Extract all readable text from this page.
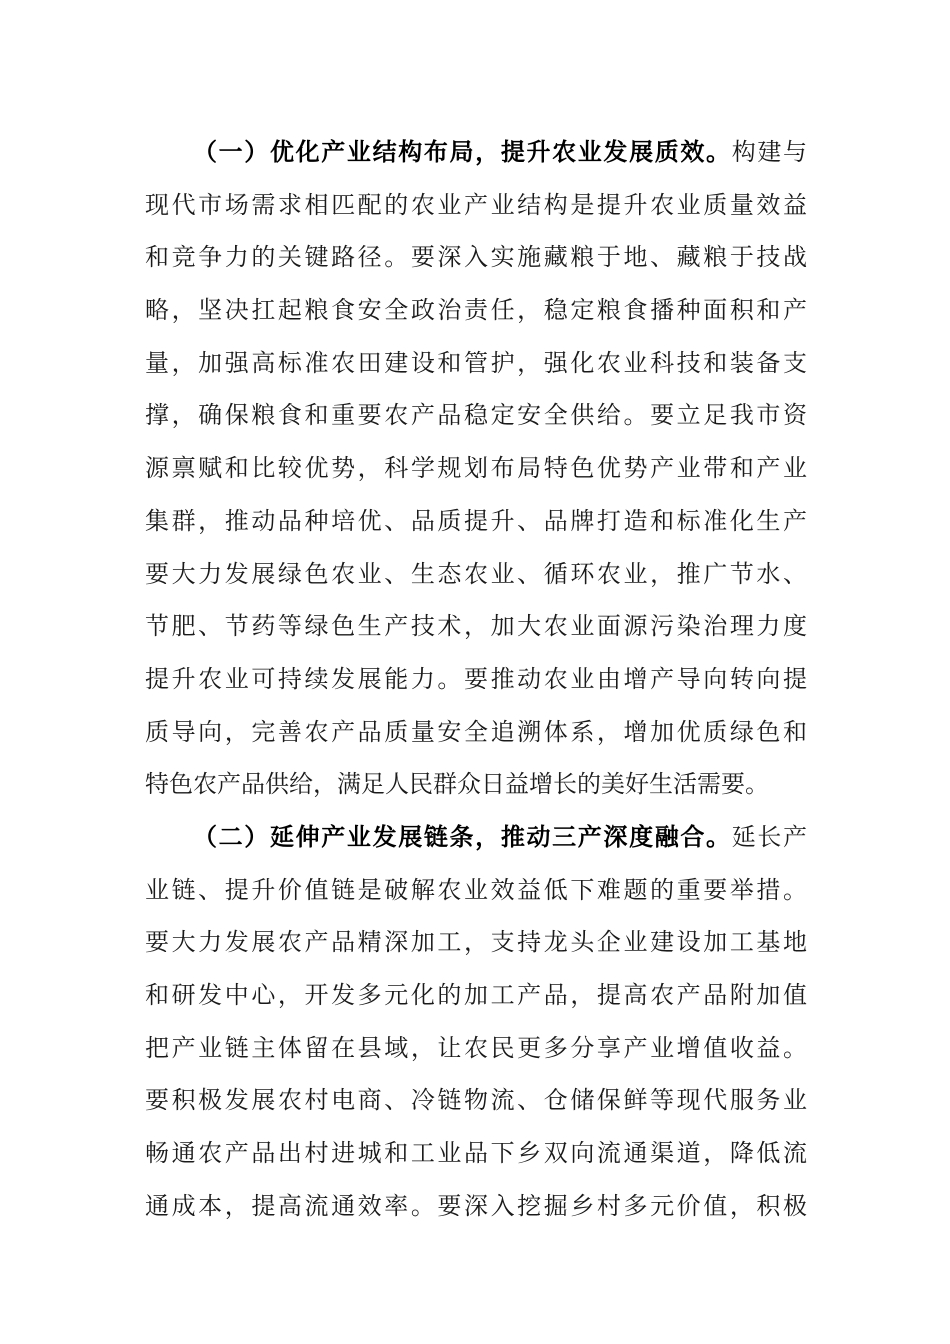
（一）优化产业结构布局，提升农业发展质效。构建与
现代市场需求相匹配的农业产业结构是提升农业质量效益
和竞争力的关键路径。要深入实施藏粮于地、藏粮于技战
略，坚决扛起粮食安全政治责任，稳定粮食播种面积和产
量，加强高标准农田建设和管护，强化农业科技和装备支
撑，确保粮食和重要农产品稳定安全供给。要立足我市资
源禀赋和比较优势，科学规划布局特色优势产业带和产业
集群，推动品种培优、品质提升、品牌打造和标准化生产
要大力发展绿色农业、生态农业、循环农业，推广节水、
节肥、节药等绿色生产技术，加大农业面源污染治理力度
提升农业可持续发展能力。要推动农业由增产导向转向提
质导向，完善农产品质量安全追溯体系，增加优质绿色和
特色农产品供给，满足人民群众日益增长的美好生活需要。

（二）延伸产业发展链条，推动三产深度融合。延长产
业链、提升价值链是破解农业效益低下难题的重要举措。
要大力发展农产品精深加工，支持龙头企业建设加工基地
和研发中心，开发多元化的加工产品，提高农产品附加值
把产业链主体留在县域，让农民更多分享产业增值收益。
要积极发展农村电商、冷链物流、仓储保鲜等现代服务业
畅通农产品出村进城和工业品下乡双向流通渠道，降低流
通成本，提高流通效率。要深入挖掘乡村多元价值，积极
